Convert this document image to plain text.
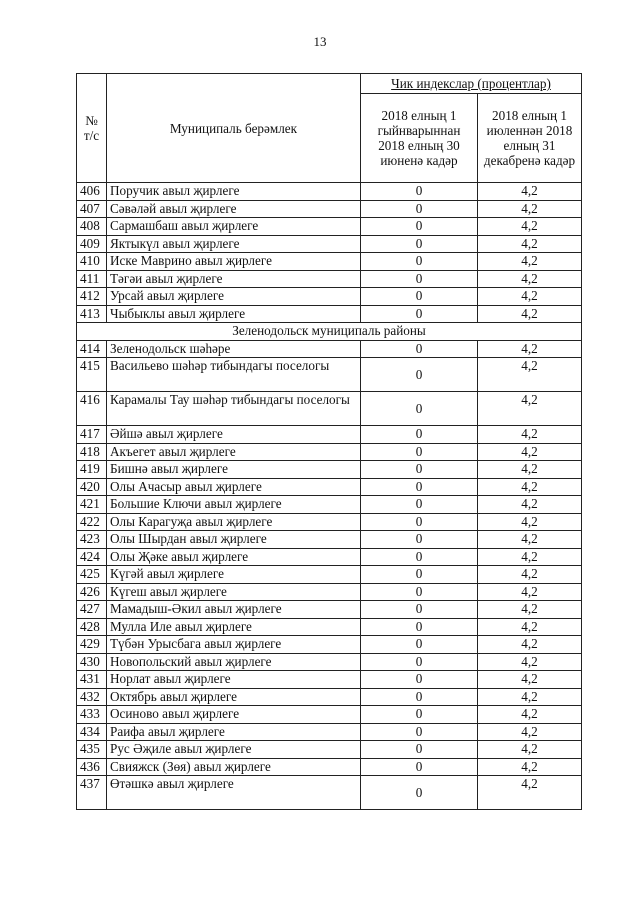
13
№ т/с	Муниципаль берәмлек	Чик индекслар (процентлар)	
		2018 елның 1 гыйнварыннан 2018 елның 30 июненә кадәр	2018 елның 1 июленнән 2018 елның 31 декабренә кадәр
406	Поручик авыл җирлеге	0	4,2
407	Сәвәләй авыл җирлеге	0	4,2
408	Сармашбаш авыл җирлеге	0	4,2
409	Яктыкүл авыл җирлеге	0	4,2
410	Иске Маврино авыл җирлеге	0	4,2
411	Тәгәи авыл җирлеге	0	4,2
412	Урсай авыл җирлеге	0	4,2
413	Чыбыклы авыл җирлеге	0	4,2
Зеленодольск муниципаль районы			
414	Зеленодольск шәһәре	0	4,2
415	Васильево шәһәр тибындагы поселогы	0	4,2
416	Карамалы Тау шәһәр тибындагы поселогы	0	4,2
417	Әйшә авыл җирлеге	0	4,2
418	Акъегет авыл җирлеге	0	4,2
419	Бишнә авыл җирлеге	0	4,2
420	Олы Ачасыр авыл җирлеге	0	4,2
421	Большие Ключи авыл җирлеге	0	4,2
422	Олы Карагуҗа авыл җирлеге	0	4,2
423	Олы Шырдан авыл җирлеге	0	4,2
424	Олы Җәке авыл җирлеге	0	4,2
425	Күгәй авыл җирлеге	0	4,2
426	Күгеш авыл җирлеге	0	4,2
427	Мамадыш-Әкил авыл җирлеге	0	4,2
428	Мулла Иле авыл җирлеге	0	4,2
429	Түбән Урысбага авыл җирлеге	0	4,2
430	Новопольский авыл җирлеге	0	4,2
431	Норлат авыл җирлеге	0	4,2
432	Октябрь авыл җирлеге	0	4,2
433	Осиново авыл җирлеге	0	4,2
434	Раифа авыл җирлеге	0	4,2
435	Рус Әҗиле авыл җирлеге	0	4,2
436	Свияжск (Зөя) авыл җирлеге	0	4,2
437	Өтәшкә авыл җирлеге	0	4,2
